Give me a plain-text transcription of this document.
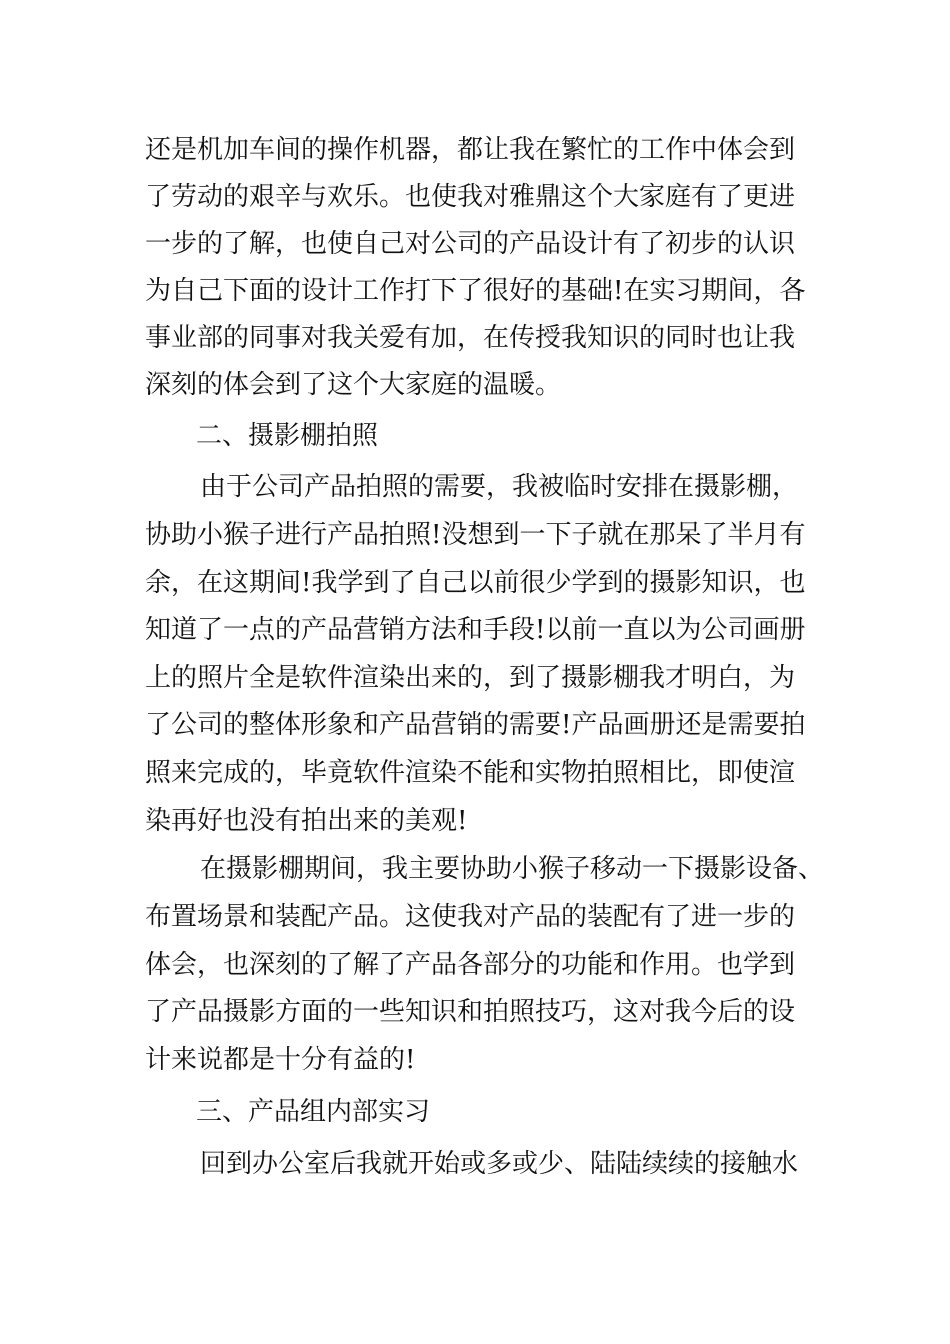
还是机加车间的操作机器，都让我在繁忙的工作中体会到
了劳动的艰辛与欢乐。也使我对雅鼎这个大家庭有了更进
一步的了解，也使自己对公司的产品设计有了初步的认识
为自己下面的设计工作打下了很好的基础!在实习期间，各
事业部的同事对我关爱有加，在传授我知识的同时也让我
深刻的体会到了这个大家庭的温暖。
二、摄影棚拍照
由于公司产品拍照的需要，我被临时安排在摄影棚，
协助小猴子进行产品拍照!没想到一下子就在那呆了半月有
余，在这期间!我学到了自己以前很少学到的摄影知识，也
知道了一点的产品营销方法和手段!以前一直以为公司画册
上的照片全是软件渲染出来的，到了摄影棚我才明白，为
了公司的整体形象和产品营销的需要!产品画册还是需要拍
照来完成的，毕竟软件渲染不能和实物拍照相比，即使渲
染再好也没有拍出来的美观!
在摄影棚期间，我主要协助小猴子移动一下摄影设备、
布置场景和装配产品。这使我对产品的装配有了进一步的
体会，也深刻的了解了产品各部分的功能和作用。也学到
了产品摄影方面的一些知识和拍照技巧，这对我今后的设
计来说都是十分有益的!
三、产品组内部实习
回到办公室后我就开始或多或少、陆陆续续的接触水
